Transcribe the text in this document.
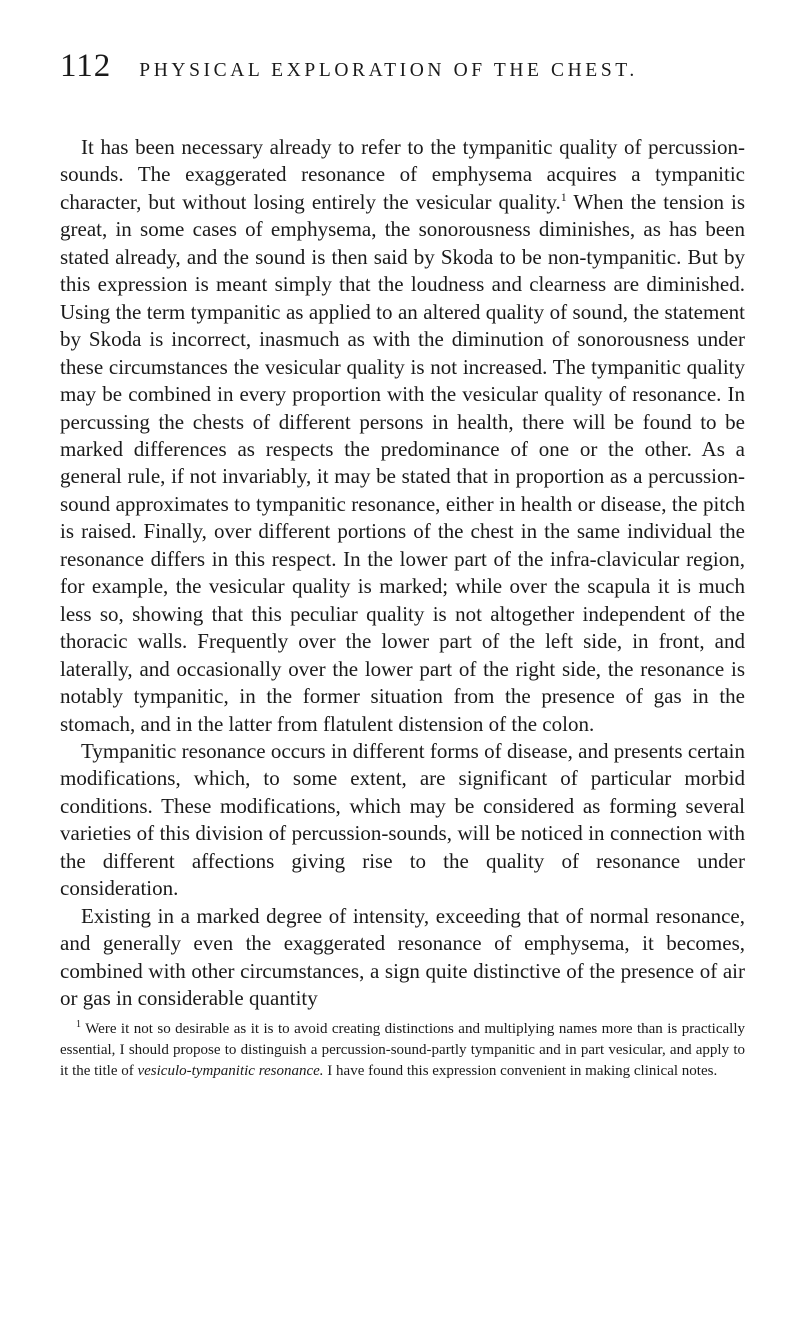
112 PHYSICAL EXPLORATION OF THE CHEST.

It has been necessary already to refer to the tympanitic quality of percussion-sounds. The exaggerated resonance of emphysema acquires a tympanitic character, but without losing entirely the vesicular quality.$^1$ When the tension is great, in some cases of emphysema, the sonorousness diminishes, as has been stated already, and the sound is then said by Skoda to be non-tympanitic. But by this expression is meant simply that the loudness and clearness are diminished. Using the term tympanitic as applied to an altered quality of sound, the statement by Skoda is incorrect, inasmuch as with the diminution of sonorousness under these circumstances the vesicular quality is not increased. The tympanitic quality may be combined in every proportion with the vesicular quality of resonance. In percussing the chests of different persons in health, there will be found to be marked differences as respects the predominance of one or the other. As a general rule, if not invariably, it may be stated that in proportion as a percussion-sound approximates to tympanitic resonance, either in health or disease, the pitch is raised. Finally, over different portions of the chest in the same individual the resonance differs in this respect. In the lower part of the infra-clavicular region, for example, the vesicular quality is marked; while over the scapula it is much less so, showing that this peculiar quality is not altogether independent of the thoracic walls. Frequently over the lower part of the left side, in front, and laterally, and occasionally over the lower part of the right side, the resonance is notably tympanitic, in the former situation from the presence of gas in the stomach, and in the latter from flatulent distension of the colon.

Tympanitic resonance occurs in different forms of disease, and presents certain modifications, which, to some extent, are significant of particular morbid conditions. These modifications, which may be considered as forming several varieties of this division of percussion-sounds, will be noticed in connection with the different affections giving rise to the quality of resonance under consideration.

Existing in a marked degree of intensity, exceeding that of normal resonance, and generally even the exaggerated resonance of emphysema, it becomes, combined with other circumstances, a sign quite distinctive of the presence of air or gas in considerable quantity

$^1$ Were it not so desirable as it is to avoid creating distinctions and multiplying names more than is practically essential, I should propose to distinguish a percussion-sound-partly tympanitic and in part vesicular, and apply to it the title of vesiculo-tympanitic resonance. I have found this expression convenient in making clinical notes.
